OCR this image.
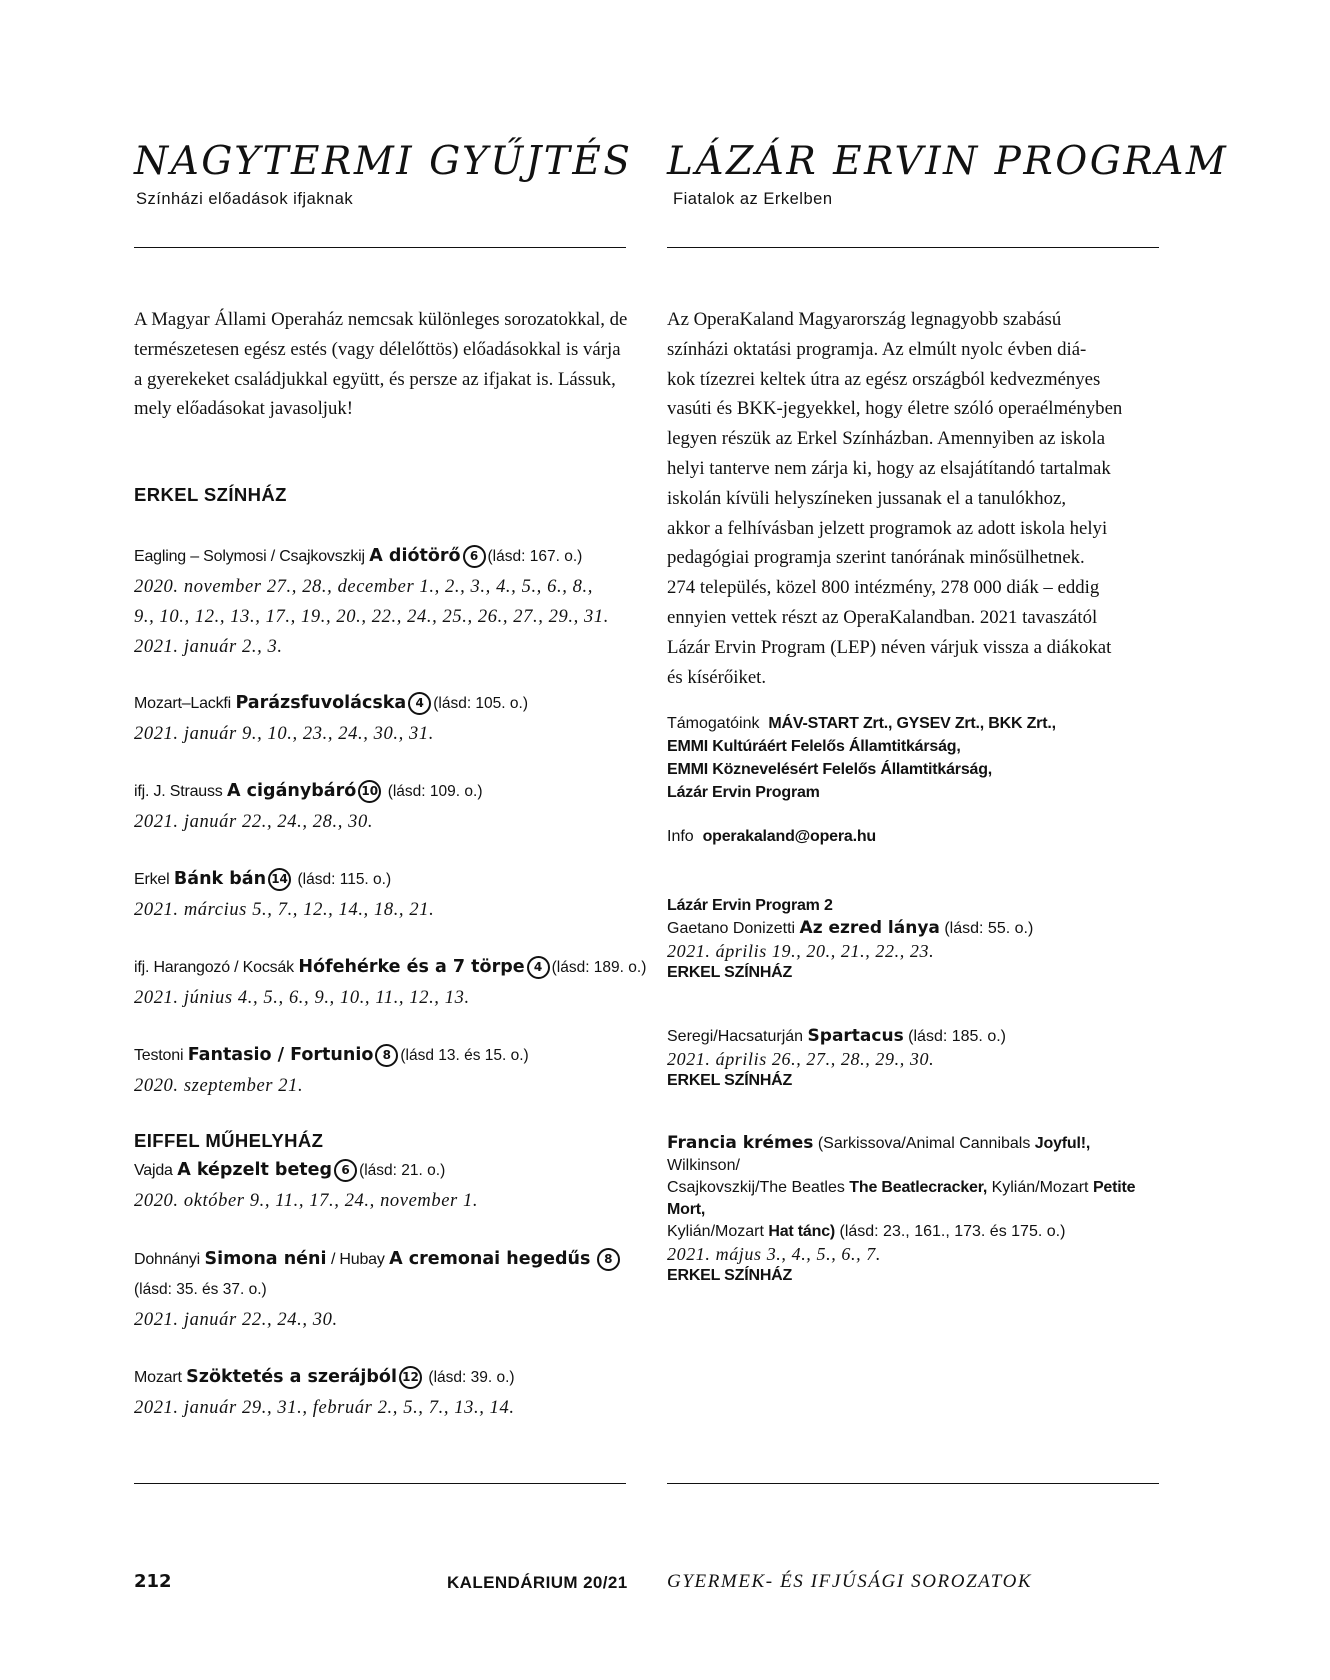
NAGYTERMI GYŰJTÉS
Színházi előadások ifjaknak
A Magyar Állami Operaház nemcsak különleges sorozatokkal, de természetesen egész estés (vagy délelőttös) előadásokkal is várja a gyerekeket családjukkal együtt, és persze az ifjakat is. Lássuk, mely előadásokat javasoljuk!
ERKEL SZÍNHÁZ
Eagling – Solymosi / Csajkovszkij A diótörő 6 (lásd: 167. o.)
2020. november 27., 28., december 1., 2., 3., 4., 5., 6., 8.,
9., 10., 12., 13., 17., 19., 20., 22., 24., 25., 26., 27., 29., 31.
2021. január 2., 3.
Mozart–Lackfi Parázsfuvolácska 4 (lásd: 105. o.)
2021. január 9., 10., 23., 24., 30., 31.
ifj. J. Strauss A cigánybáró 10 (lásd: 109. o.)
2021. január 22., 24., 28., 30.
Erkel Bánk bán 14 (lásd: 115. o.)
2021. március 5., 7., 12., 14., 18., 21.
ifj. Harangozó / Kocsák Hófehérke és a 7 törpe 4 (lásd: 189. o.)
2021. június 4., 5., 6., 9., 10., 11., 12., 13.
Testoni Fantasio / Fortunio 8 (lásd 13. és 15. o.)
2020. szeptember 21.
EIFFEL MŰHELYHÁZ
Vajda A képzelt beteg 6 (lásd: 21. o.)
2020. október 9., 11., 17., 24., november 1.
Dohnányi Simona néni / Hubay A cremonai hegedűs 8
(lásd: 35. és 37. o.)
2021. január 22., 24., 30.
Mozart Szöktetés a szerájból 12 (lásd: 39. o.)
2021. január 29., 31., február 2., 5., 7., 13., 14.
LÁZÁR ERVIN PROGRAM
Fiatalok az Erkelben
Az OperaKaland Magyarország legnagyobb szabású
színházi oktatási programja. Az elmúlt nyolc évben diá-
kok tízezrei keltek útra az egész országból kedvezményes
vasúti és BKK-jegyekkel, hogy életre szóló operaélményben
legyen részük az Erkel Színházban. Amennyiben az iskola
helyi tanterve nem zárja ki, hogy az elsajátítandó tartalmak
iskolán kívüli helyszíneken jussanak el a tanulókhoz,
akkor a felhívásban jelzett programok az adott iskola helyi
pedagógiai programja szerint tanórának minősülhetnek.
274 település, közel 800 intézmény, 278 000 diák – eddig
ennyien vettek részt az OperaKalandban. 2021 tavaszától
Lázár Ervin Program (LEP) néven várjuk vissza a diákokat
és kísérőiket.
Támogatóink MÁV-START Zrt., GYSEV Zrt., BKK Zrt.,
EMMI Kultúráért Felelős Államtitkárság,
EMMI Köznevelésért Felelős Államtitkárság,
Lázár Ervin Program
Info operakaland@opera.hu
Lázár Ervin Program 2
Gaetano Donizetti Az ezred lánya (lásd: 55. o.)
2021. április 19., 20., 21., 22., 23.
ERKEL SZÍNHÁZ
Seregi/Hacsaturján Spartacus (lásd: 185. o.)
2021. április 26., 27., 28., 29., 30.
ERKEL SZÍNHÁZ
Francia krémes (Sarkissova/Animal Cannibals Joyful!, Wilkinson/
Csajkovszkij/The Beatles The Beatlecracker, Kylián/Mozart Petite Mort,
Kylián/Mozart Hat tánc) (lásd: 23., 161., 173. és 175. o.)
2021. május 3., 4., 5., 6., 7.
ERKEL SZÍNHÁZ
212	KALENDÁRIUM 20/21 GYERMEK- ÉS IFJÚSÁGI SOROZATOK
